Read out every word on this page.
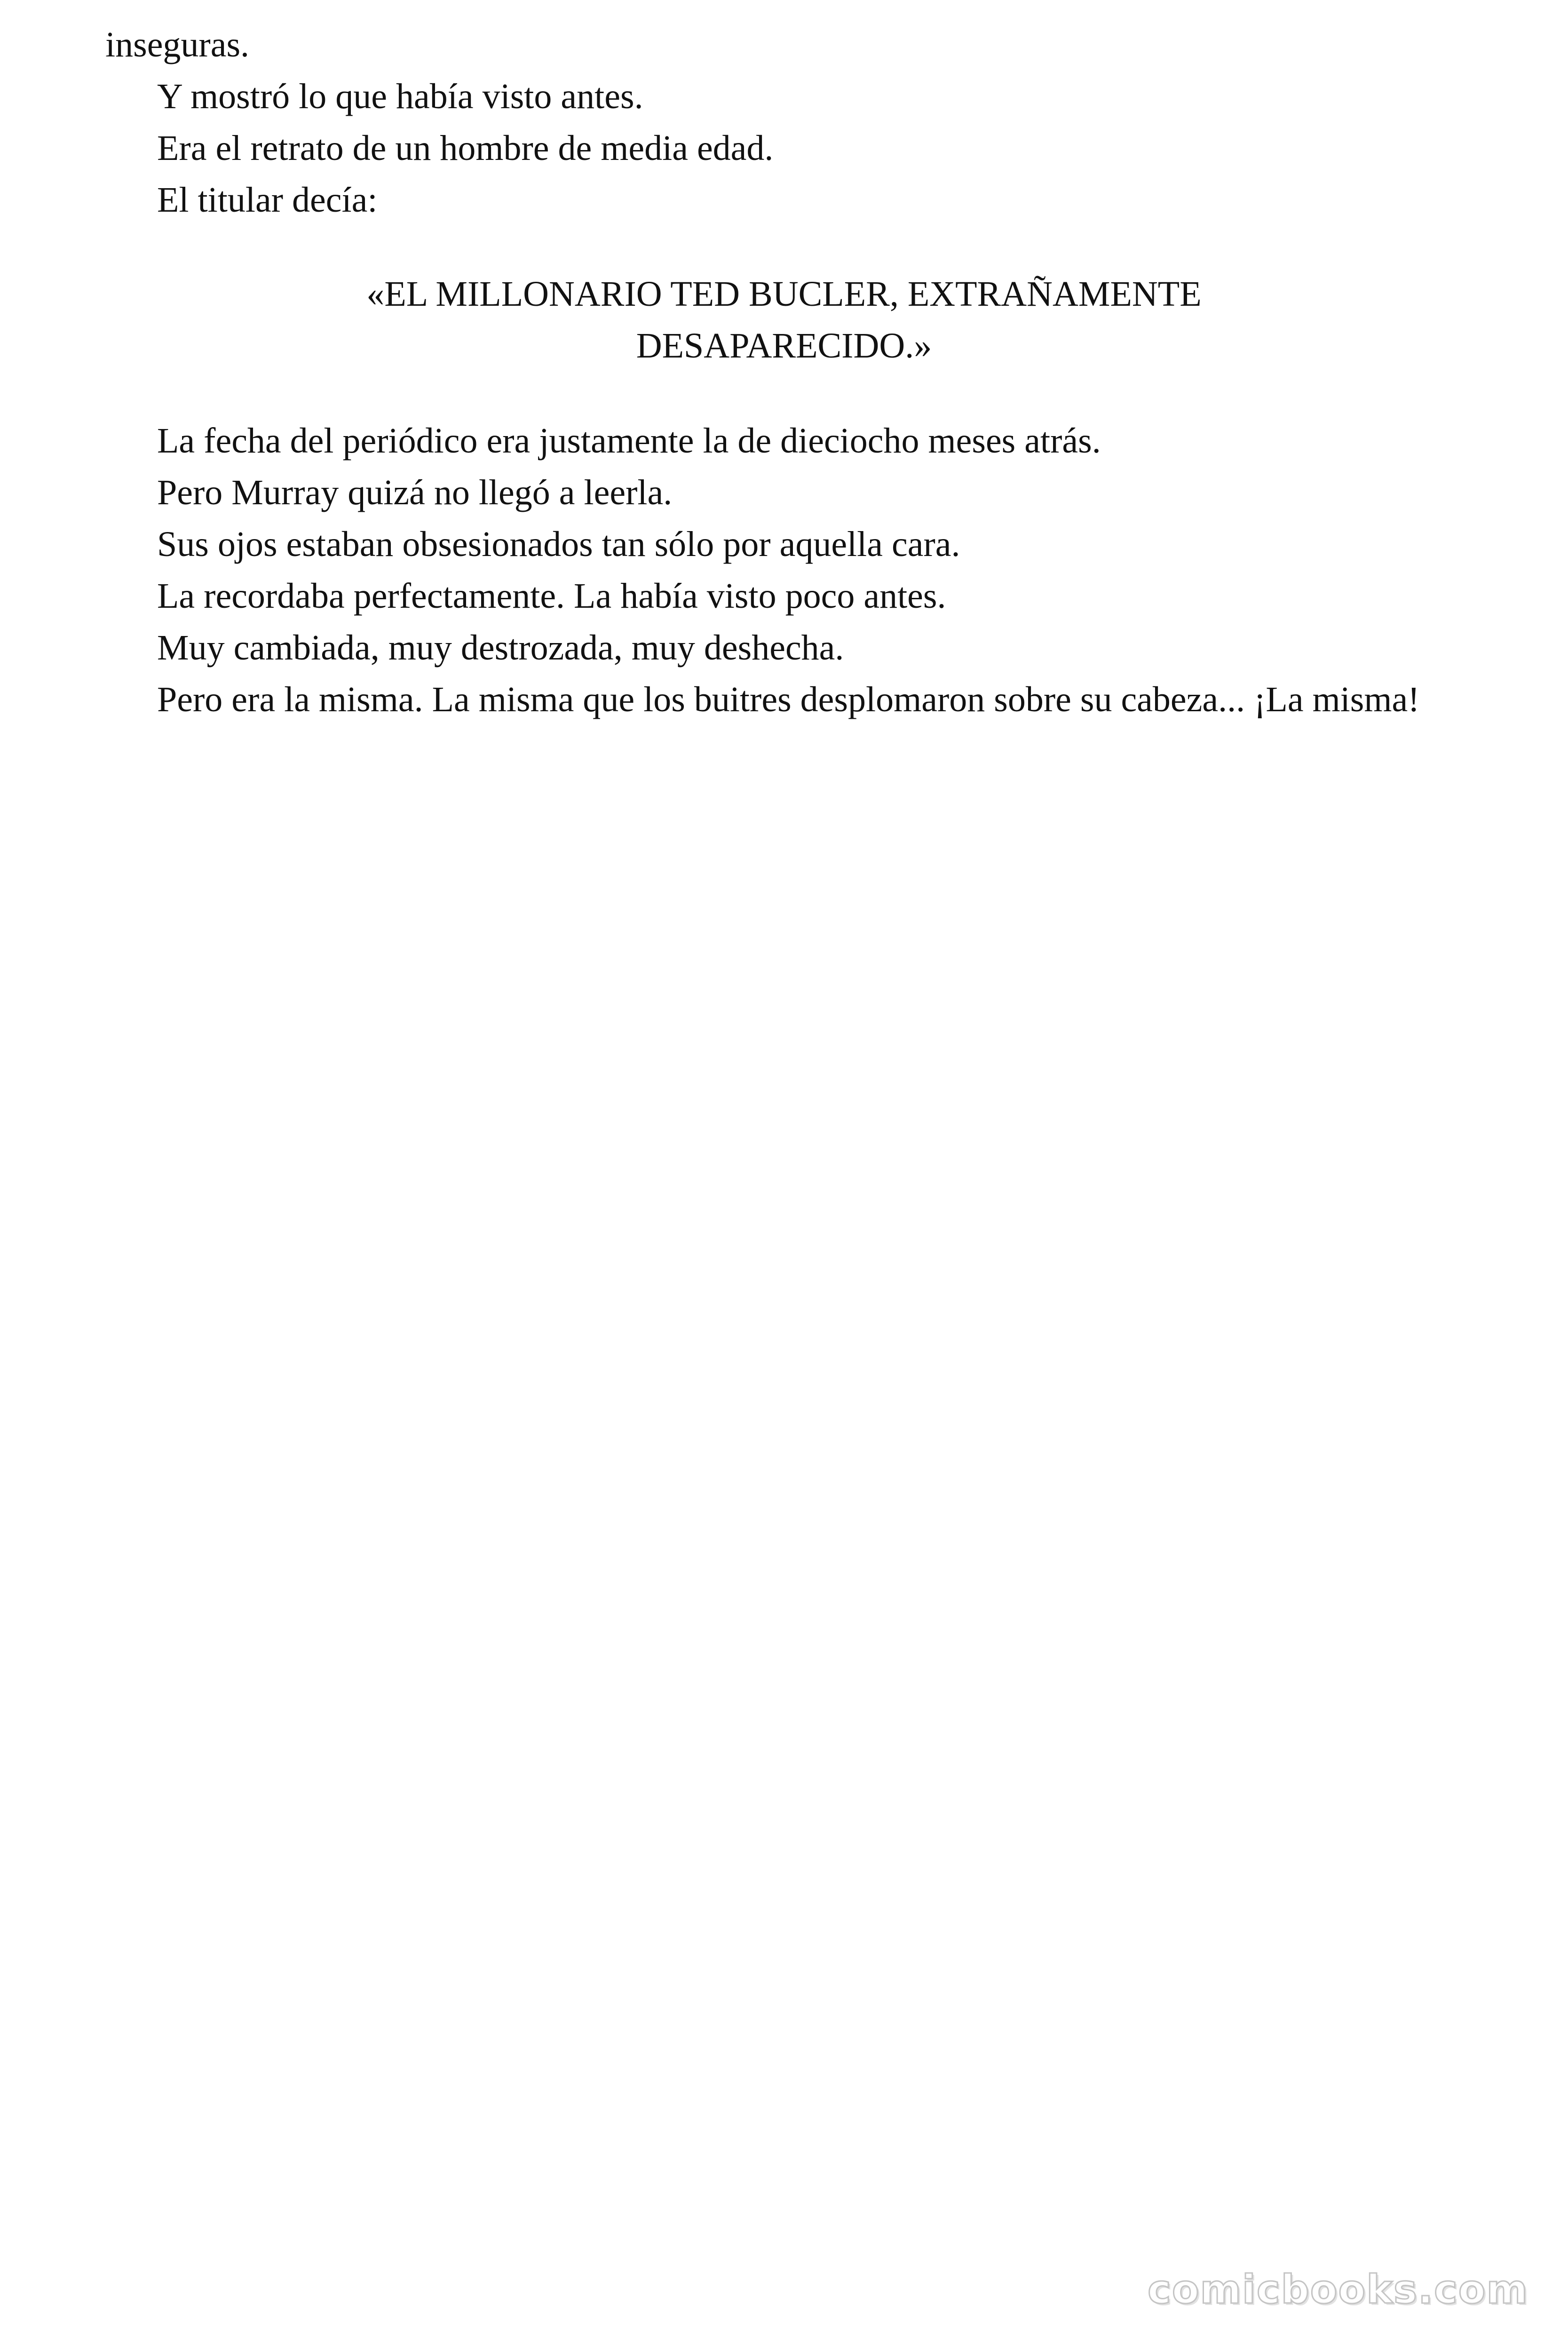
inseguras.

Y mostró lo que había visto antes.

Era el retrato de un hombre de media edad.

El titular decía:

«EL MILLONARIO TED BUCLER, EXTRAÑAMENTE
DESAPARECIDO.»

La fecha del periódico era justamente la de dieciocho meses atrás.

Pero Murray quizá no llegó a leerla.

Sus ojos estaban obsesionados tan sólo por aquella cara.

La recordaba perfectamente. La había visto poco antes.

Muy cambiada, muy destrozada, muy deshecha.

Pero era la misma. La misma que los buitres desplomaron sobre su cabeza... ¡La misma!

comicbooks.com
